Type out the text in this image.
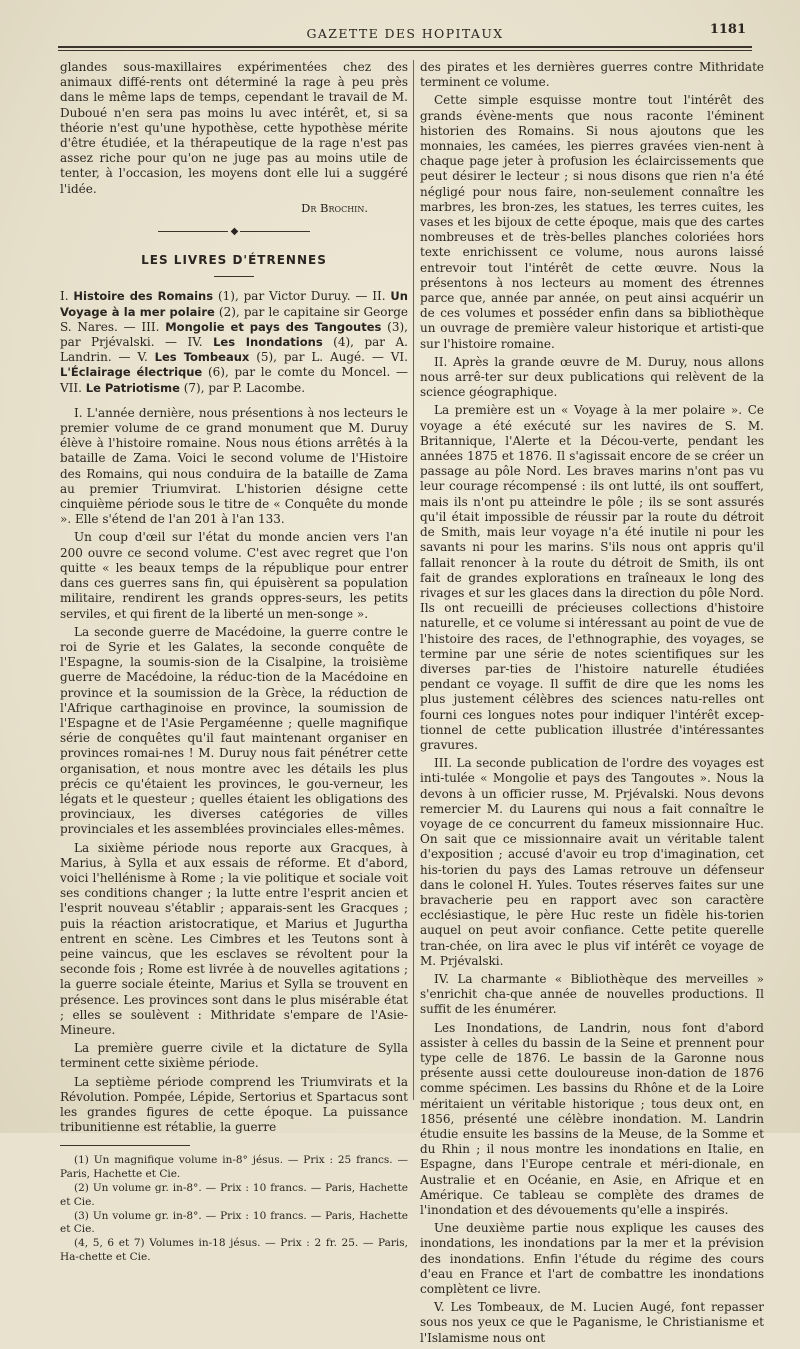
GAZETTE DES HOPITAUX	1181

glandes sous-maxillaires expérimentées chez des animaux diffé-rents ont déterminé la rage à peu près dans le même laps de temps, cependant le travail de M. Duboué n'en sera pas moins lu avec intérêt, et, si sa théorie n'est qu'une hypothèse, cette hypothèse mérite d'être étudiée, et la thérapeutique de la rage n'est pas assez riche pour qu'on ne juge pas au moins utile de tenter, à l'occasion, les moyens dont elle lui a suggéré l'idée.

Dr Brochin.
◆
LES LIVRES D'ÉTRENNES

I. Histoire des Romains (1), par Victor Duruy. — II. Un Voyage à la mer polaire (2), par le capitaine sir George S. Nares. — III. Mongolie et pays des Tangoutes (3), par Prjévalski. — IV. Les Inondations (4), par A. Landrin. — V. Les Tombeaux (5), par L. Augé. — VI. L'Éclairage électrique (6), par le comte du Moncel. — VII. Le Patriotisme (7), par P. Lacombe.

I. L'année dernière, nous présentions à nos lecteurs le premier volume de ce grand monument que M. Duruy élève à l'histoire romaine. Nous nous étions arrêtés à la bataille de Zama. Voici le second volume de l'Histoire des Romains, qui nous conduira de la bataille de Zama au premier Triumvirat. L'historien désigne cette cinquième période sous le titre de « Conquête du monde ». Elle s'étend de l'an 201 à l'an 133.

Un coup d'œil sur l'état du monde ancien vers l'an 200 ouvre ce second volume. C'est avec regret que l'on quitte « les beaux temps de la république pour entrer dans ces guerres sans fin, qui épuisèrent sa population militaire, rendirent les grands oppres-seurs, les petits serviles, et qui firent de la liberté un men-songe ».

La seconde guerre de Macédoine, la guerre contre le roi de Syrie et les Galates, la seconde conquête de l'Espagne, la soumis-sion de la Cisalpine, la troisième guerre de Macédoine, la réduc-tion de la Macédoine en province et la soumission de la Grèce, la réduction de l'Afrique carthaginoise en province, la soumission de l'Espagne et de l'Asie Pergaméenne ; quelle magnifique série de conquêtes qu'il faut maintenant organiser en provinces romai-nes ! M. Duruy nous fait pénétrer cette organisation, et nous montre avec les détails les plus précis ce qu'étaient les provinces, le gou-verneur, les légats et le questeur ; quelles étaient les obligations des provinciaux, les diverses catégories de villes provinciales et les assemblées provinciales elles-mêmes.

La sixième période nous reporte aux Gracques, à Marius, à Sylla et aux essais de réforme. Et d'abord, voici l'hellénisme à Rome ; la vie politique et sociale voit ses conditions changer ; la lutte entre l'esprit ancien et l'esprit nouveau s'établir ; apparais-sent les Gracques ; puis la réaction aristocratique, et Marius et Jugurtha entrent en scène. Les Cimbres et les Teutons sont à peine vaincus, que les esclaves se révoltent pour la seconde fois ; Rome est livrée à de nouvelles agitations ; la guerre sociale éteinte, Marius et Sylla se trouvent en présence. Les provinces sont dans le plus misérable état ; elles se soulèvent : Mithridate s'empare de l'Asie-Mineure.

La première guerre civile et la dictature de Sylla terminent cette sixième période.

La septième période comprend les Triumvirats et la Révolution. Pompée, Lépide, Sertorius et Spartacus sont les grandes figures de cette époque. La puissance tribunitienne est rétablie, la guerre

(1) Un magnifique volume in-8° jésus. — Prix : 25 francs. — Paris, Hachette et Cie.
(2) Un volume gr. in-8°. — Prix : 10 francs. — Paris, Hachette et Cie.
(3) Un volume gr. in-8°. — Prix : 10 francs. — Paris, Hachette et Cie.
(4, 5, 6 et 7) Volumes in-18 jésus. — Prix : 2 fr. 25. — Paris, Ha-chette et Cie.

des pirates et les dernières guerres contre Mithridate terminent ce volume.

Cette simple esquisse montre tout l'intérêt des grands évène-ments que nous raconte l'éminent historien des Romains. Si nous ajoutons que les monnaies, les camées, les pierres gravées vien-nent à chaque page jeter à profusion les éclaircissements que peut désirer le lecteur ; si nous disons que rien n'a été négligé pour nous faire, non-seulement connaître les marbres, les bron-zes, les statues, les terres cuites, les vases et les bijoux de cette époque, mais que des cartes nombreuses et de très-belles planches coloriées hors texte enrichissent ce volume, nous aurons laissé entrevoir tout l'intérêt de cette œuvre. Nous la présentons à nos lecteurs au moment des étrennes parce que, année par année, on peut ainsi acquérir un de ces volumes et posséder enfin dans sa bibliothèque un ouvrage de première valeur historique et artisti-que sur l'histoire romaine.

II. Après la grande œuvre de M. Duruy, nous allons nous arrê-ter sur deux publications qui relèvent de la science géographique.

La première est un « Voyage à la mer polaire ». Ce voyage a été exécuté sur les navires de S. M. Britannique, l'Alerte et la Décou-verte, pendant les années 1875 et 1876. Il s'agissait encore de se créer un passage au pôle Nord. Les braves marins n'ont pas vu leur courage récompensé : ils ont lutté, ils ont souffert, mais ils n'ont pu atteindre le pôle ; ils se sont assurés qu'il était impossible de réussir par la route du détroit de Smith, mais leur voyage n'a été inutile ni pour les savants ni pour les marins. S'ils nous ont appris qu'il fallait renoncer à la route du détroit de Smith, ils ont fait de grandes explorations en traîneaux le long des rivages et sur les glaces dans la direction du pôle Nord. Ils ont recueilli de précieuses collections d'histoire naturelle, et ce volume si intéressant au point de vue de l'histoire des races, de l'ethnographie, des voyages, se termine par une série de notes scientifiques sur les diverses par-ties de l'histoire naturelle étudiées pendant ce voyage. Il suffit de dire que les noms les plus justement célèbres des sciences natu-relles ont fourni ces longues notes pour indiquer l'intérêt excep-tionnel de cette publication illustrée d'intéressantes gravures.

III. La seconde publication de l'ordre des voyages est inti-tulée « Mongolie et pays des Tangoutes ». Nous la devons à un officier russe, M. Prjévalski. Nous devons remercier M. du Laurens qui nous a fait connaître le voyage de ce concurrent du fameux missionnaire Huc. On sait que ce missionnaire avait un véritable talent d'exposition ; accusé d'avoir eu trop d'imagination, cet his-torien du pays des Lamas retrouve un défenseur dans le colonel H. Yules. Toutes réserves faites sur une bravacherie peu en rapport avec son caractère ecclésiastique, le père Huc reste un fidèle his-torien auquel on peut avoir confiance. Cette petite querelle tran-chée, on lira avec le plus vif intérêt ce voyage de M. Prjévalski.

IV. La charmante « Bibliothèque des merveilles » s'enrichit cha-que année de nouvelles productions. Il suffit de les énumérer.

Les Inondations, de Landrin, nous font d'abord assister à celles du bassin de la Seine et prennent pour type celle de 1876. Le bassin de la Garonne nous présente aussi cette douloureuse inon-dation de 1876 comme spécimen. Les bassins du Rhône et de la Loire méritaient un véritable historique ; tous deux ont, en 1856, présenté une célèbre inondation. M. Landrin étudie ensuite les bassins de la Meuse, de la Somme et du Rhin ; il nous montre les inondations en Italie, en Espagne, dans l'Europe centrale et méri-dionale, en Australie et en Océanie, en Asie, en Afrique et en Amérique. Ce tableau se complète des drames de l'inondation et des dévouements qu'elle a inspirés.

Une deuxième partie nous explique les causes des inondations, les inondations par la mer et la prévision des inondations. Enfin l'étude du régime des cours d'eau en France et l'art de combattre les inondations complètent ce livre.

V. Les Tombeaux, de M. Lucien Augé, font repasser sous nos yeux ce que le Paganisme, le Christianisme et l'Islamisme nous ont
